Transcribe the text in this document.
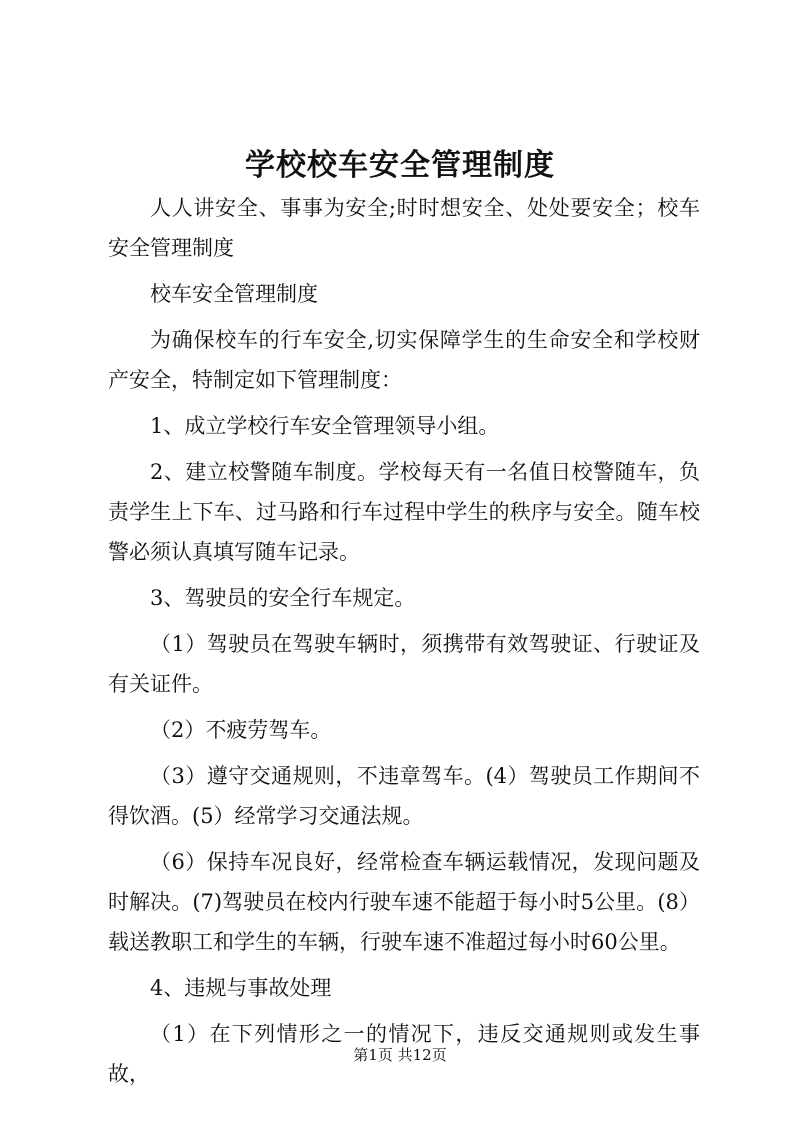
学校校车安全管理制度

人人讲安全、事事为安全;时时想安全、处处要安全；校车安全管理制度

校车安全管理制度

为确保校车的行车安全,切实保障学生的生命安全和学校财产安全，特制定如下管理制度：

1、成立学校行车安全管理领导小组。

2、建立校警随车制度。学校每天有一名值日校警随车，负责学生上下车、过马路和行车过程中学生的秩序与安全。随车校警必须认真填写随车记录。

3、驾驶员的安全行车规定。

（1）驾驶员在驾驶车辆时，须携带有效驾驶证、行驶证及有关证件。

（2）不疲劳驾车。

（3）遵守交通规则，不违章驾车。(4）驾驶员工作期间不得饮酒。(5）经常学习交通法规。

（6）保持车况良好，经常检查车辆运载情况，发现问题及时解决。(7)驾驶员在校内行驶车速不能超于每小时5公里。(8）载送教职工和学生的车辆，行驶车速不准超过每小时60公里。

4、违规与事故处理

（1）在下列情形之一的情况下，违反交通规则或发生事故，

第1页 共12页
